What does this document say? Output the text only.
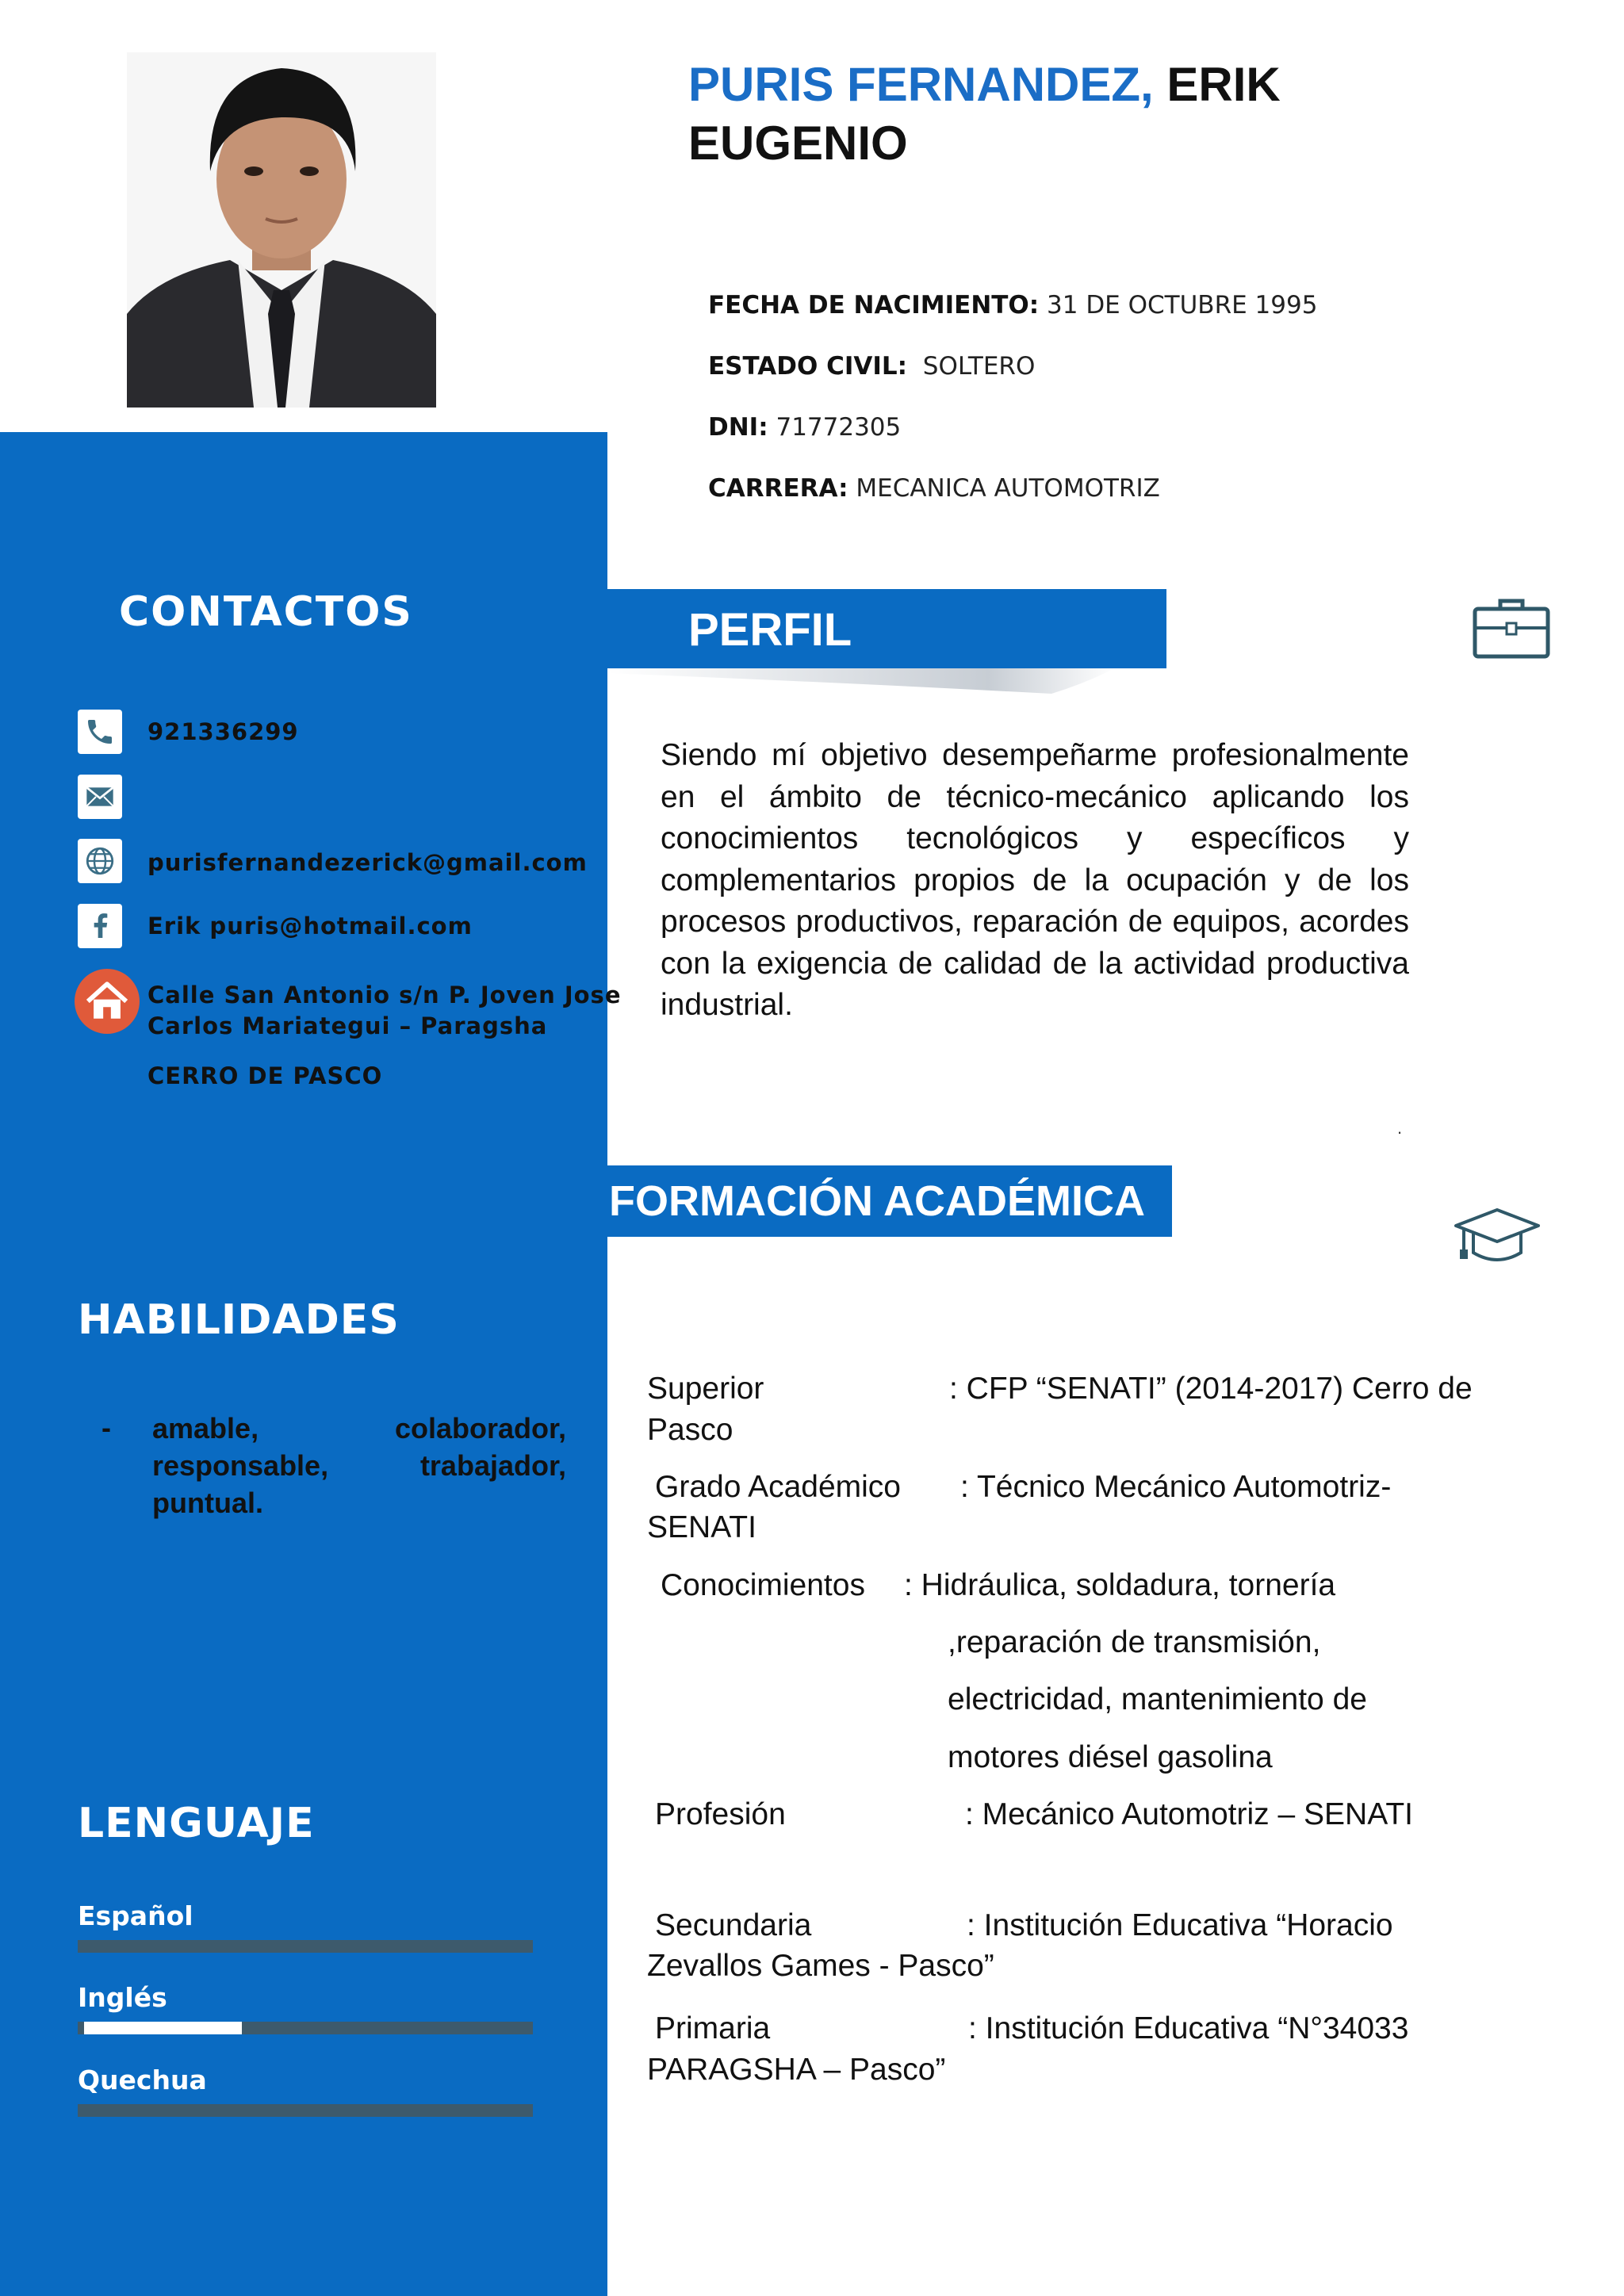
PURIS FERNANDEZ, ERIK
EUGENIO
FECHA DE NACIMIENTO: 31 DE OCTUBRE 1995
ESTADO CIVIL: SOLTERO
DNI: 71772305
CARRERA: MECANICA AUTOMOTRIZ
CONTACTOS
921336299
purisfernandezerick@gmail.com
Erik puris@hotmail.com
Calle San Antonio s/n P. Joven Jose
Carlos Mariategui – Paragsha
CERRO DE PASCO
HABILIDADES
- amable,	colaborador,
responsable,	trabajador,
puntual.
LENGUAJE
Español
Inglés
Quechua
PERFIL
Siendo mí objetivo desempeñarme profesionalmente en el ámbito de técnico-mecánico aplicando los conocimientos tecnológicos y específicos y complementarios propios de la ocupación y de los procesos productivos, reparación de equipos, acordes con la exigencia de calidad de la actividad productiva industrial.
.
FORMACIÓN ACADÉMICA
Superior	: CFP “SENATI” (2014-2017) Cerro de
Pasco
Grado Académico : Técnico Mecánico Automotriz-
SENATI
Conocimientos : Hidráulica, soldadura, tornería
,reparación de transmisión,
electricidad, mantenimiento de
motores diésel gasolina
Profesión	: Mecánico Automotriz – SENATI
Secundaria	: Institución Educativa “Horacio
Zevallos Games - Pasco”
Primaria	: Institución Educativa “N°34033
PARAGSHA – Pasco”
